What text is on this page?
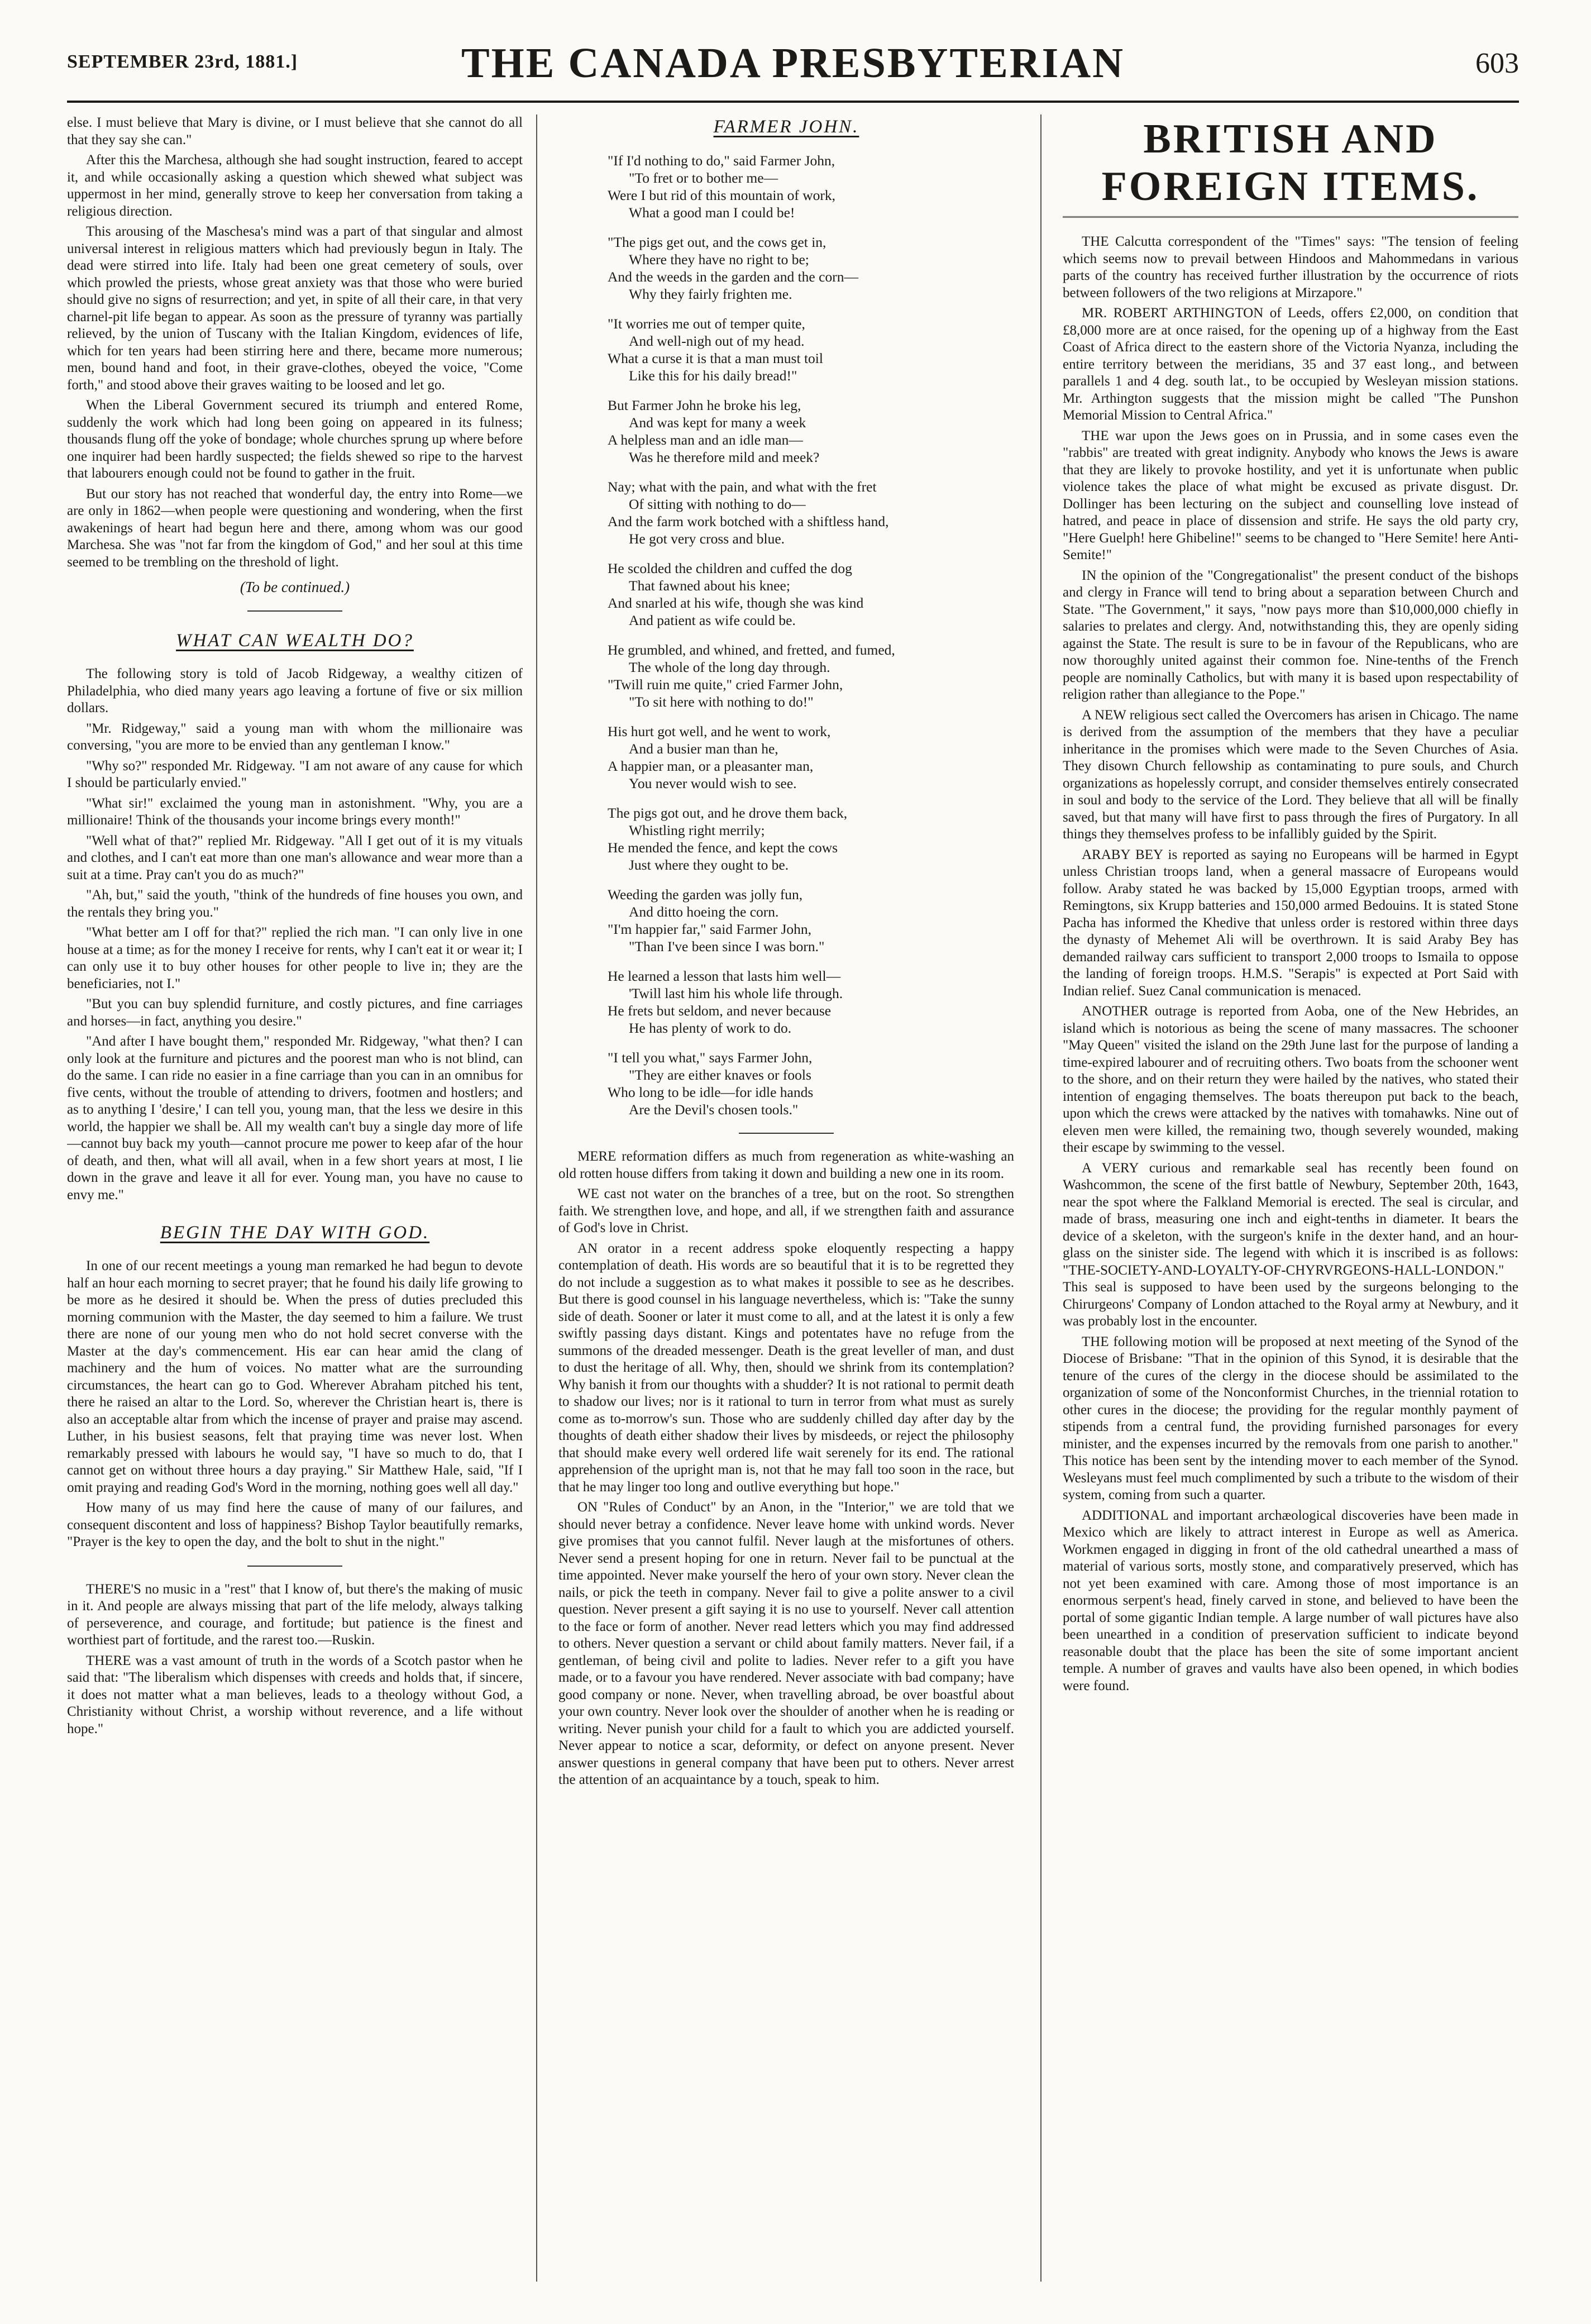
SEPTEMBER 23rd, 1881.]	THE CANADA PRESBYTERIAN	603

else. I must believe that Mary is divine, or I must believe that she cannot do all that they say she can."

After this the Marchesa, although she had sought instruction, feared to accept it, and while occasionally asking a question which shewed what subject was uppermost in her mind, generally strove to keep her conversation from taking a religious direction.

This arousing of the Maschesa's mind was a part of that singular and almost universal interest in religious matters which had previously begun in Italy. The dead were stirred into life. Italy had been one great cemetery of souls, over which prowled the priests, whose great anxiety was that those who were buried should give no signs of resurrection; and yet, in spite of all their care, in that very charnel-pit life began to appear. As soon as the pressure of tyranny was partially relieved, by the union of Tuscany with the Italian Kingdom, evidences of life, which for ten years had been stirring here and there, became more numerous; men, bound hand and foot, in their grave-clothes, obeyed the voice, "Come forth," and stood above their graves waiting to be loosed and let go.

When the Liberal Government secured its triumph and entered Rome, suddenly the work which had long been going on appeared in its fulness; thousands flung off the yoke of bondage; whole churches sprung up where before one inquirer had been hardly suspected; the fields shewed so ripe to the harvest that labourers enough could not be found to gather in the fruit.

But our story has not reached that wonderful day, the entry into Rome—we are only in 1862—when people were questioning and wondering, when the first awakenings of heart had begun here and there, among whom was our good Marchesa. She was "not far from the kingdom of God," and her soul at this time seemed to be trembling on the threshold of light.

(To be continued.)
WHAT CAN WEALTH DO?

The following story is told of Jacob Ridgeway, a wealthy citizen of Philadelphia, who died many years ago leaving a fortune of five or six million dollars.

"Mr. Ridgeway," said a young man with whom the millionaire was conversing, "you are more to be envied than any gentleman I know."

"Why so?" responded Mr. Ridgeway. "I am not aware of any cause for which I should be particularly envied."

"What sir!" exclaimed the young man in astonishment. "Why, you are a millionaire! Think of the thousands your income brings every month!"

"Well what of that?" replied Mr. Ridgeway. "All I get out of it is my vituals and clothes, and I can't eat more than one man's allowance and wear more than a suit at a time. Pray can't you do as much?"

"Ah, but," said the youth, "think of the hundreds of fine houses you own, and the rentals they bring you."

"What better am I off for that?" replied the rich man. "I can only live in one house at a time; as for the money I receive for rents, why I can't eat it or wear it; I can only use it to buy other houses for other people to live in; they are the beneficiaries, not I."

"But you can buy splendid furniture, and costly pictures, and fine carriages and horses—in fact, anything you desire."

"And after I have bought them," responded Mr. Ridgeway, "what then? I can only look at the furniture and pictures and the poorest man who is not blind, can do the same. I can ride no easier in a fine carriage than you can in an omnibus for five cents, without the trouble of attending to drivers, footmen and hostlers; and as to anything I 'desire,' I can tell you, young man, that the less we desire in this world, the happier we shall be. All my wealth can't buy a single day more of life—cannot buy back my youth—cannot procure me power to keep afar of the hour of death, and then, what will all avail, when in a few short years at most, I lie down in the grave and leave it all for ever. Young man, you have no cause to envy me."

BEGIN THE DAY WITH GOD.

In one of our recent meetings a young man remarked he had begun to devote half an hour each morning to secret prayer; that he found his daily life growing to be more as he desired it should be. When the press of duties precluded this morning communion with the Master, the day seemed to him a failure. We trust there are none of our young men who do not hold secret converse with the Master at the day's commencement. His ear can hear amid the clang of machinery and the hum of voices. No matter what are the surrounding circumstances, the heart can go to God. Wherever Abraham pitched his tent, there he raised an altar to the Lord. So, wherever the Christian heart is, there is also an acceptable altar from which the incense of prayer and praise may ascend. Luther, in his busiest seasons, felt that praying time was never lost. When remarkably pressed with labours he would say, "I have so much to do, that I cannot get on without three hours a day praying." Sir Matthew Hale, said, "If I omit praying and reading God's Word in the morning, nothing goes well all day."

How many of us may find here the cause of many of our failures, and consequent discontent and loss of happiness? Bishop Taylor beautifully remarks, "Prayer is the key to open the day, and the bolt to shut in the night."

THERE'S no music in a "rest" that I know of, but there's the making of music in it. And people are always missing that part of the life melody, always talking of perseverence, and courage, and fortitude; but patience is the finest and worthiest part of fortitude, and the rarest too.—Ruskin.

THERE was a vast amount of truth in the words of a Scotch pastor when he said that: "The liberalism which dispenses with creeds and holds that, if sincere, it does not matter what a man believes, leads to a theology without God, a Christianity without Christ, a worship without reverence, and a life without hope."

FARMER JOHN.
"If I'd nothing to do," said Farmer John,
"To fret or to bother me—
Were I but rid of this mountain of work,
What a good man I could be!
"The pigs get out, and the cows get in,
Where they have no right to be;
And the weeds in the garden and the corn—
Why they fairly frighten me.
"It worries me out of temper quite,
And well-nigh out of my head.
What a curse it is that a man must toil
Like this for his daily bread!"
But Farmer John he broke his leg,
And was kept for many a week
A helpless man and an idle man—
Was he therefore mild and meek?
Nay; what with the pain, and what with the fret
Of sitting with nothing to do—
And the farm work botched with a shiftless hand,
He got very cross and blue.
He scolded the children and cuffed the dog
That fawned about his knee;
And snarled at his wife, though she was kind
And patient as wife could be.
He grumbled, and whined, and fretted, and fumed,
The whole of the long day through.
"Twill ruin me quite," cried Farmer John,
"To sit here with nothing to do!"
His hurt got well, and he went to work,
And a busier man than he,
A happier man, or a pleasanter man,
You never would wish to see.
The pigs got out, and he drove them back,
Whistling right merrily;
He mended the fence, and kept the cows
Just where they ought to be.
Weeding the garden was jolly fun,
And ditto hoeing the corn.
"I'm happier far," said Farmer John,
"Than I've been since I was born."
He learned a lesson that lasts him well—
'Twill last him his whole life through.
He frets but seldom, and never because
He has plenty of work to do.
"I tell you what," says Farmer John,
"They are either knaves or fools
Who long to be idle—for idle hands
Are the Devil's chosen tools."

MERE reformation differs as much from regeneration as white-washing an old rotten house differs from taking it down and building a new one in its room.

WE cast not water on the branches of a tree, but on the root. So strengthen faith. We strengthen love, and hope, and all, if we strengthen faith and assurance of God's love in Christ.

AN orator in a recent address spoke eloquently respecting a happy contemplation of death. His words are so beautiful that it is to be regretted they do not include a suggestion as to what makes it possible to see as he describes. But there is good counsel in his language nevertheless, which is: "Take the sunny side of death. Sooner or later it must come to all, and at the latest it is only a few swiftly passing days distant. Kings and potentates have no refuge from the summons of the dreaded messenger. Death is the great leveller of man, and dust to dust the heritage of all. Why, then, should we shrink from its contemplation? Why banish it from our thoughts with a shudder? It is not rational to permit death to shadow our lives; nor is it rational to turn in terror from what must as surely come as to-morrow's sun. Those who are suddenly chilled day after day by the thoughts of death either shadow their lives by misdeeds, or reject the philosophy that should make every well ordered life wait serenely for its end. The rational apprehension of the upright man is, not that he may fall too soon in the race, but that he may linger too long and outlive everything but hope."

ON "Rules of Conduct" by an Anon, in the "Interior," we are told that we should never betray a confidence. Never leave home with unkind words. Never give promises that you cannot fulfil. Never laugh at the misfortunes of others. Never send a present hoping for one in return. Never fail to be punctual at the time appointed. Never make yourself the hero of your own story. Never clean the nails, or pick the teeth in company. Never fail to give a polite answer to a civil question. Never present a gift saying it is no use to yourself. Never call attention to the face or form of another. Never read letters which you may find addressed to others. Never question a servant or child about family matters. Never fail, if a gentleman, of being civil and polite to ladies. Never refer to a gift you have made, or to a favour you have rendered. Never associate with bad company; have good company or none. Never, when travelling abroad, be over boastful about your own country. Never look over the shoulder of another when he is reading or writing. Never punish your child for a fault to which you are addicted yourself. Never appear to notice a scar, deformity, or defect on anyone present. Never answer questions in general company that have been put to others. Never arrest the attention of an acquaintance by a touch, speak to him.

BRITISH AND FOREIGN ITEMS.

THE Calcutta correspondent of the "Times" says: "The tension of feeling which seems now to prevail between Hindoos and Mahommedans in various parts of the country has received further illustration by the occurrence of riots between followers of the two religions at Mirzapore."

MR. ROBERT ARTHINGTON of Leeds, offers £2,000, on condition that £8,000 more are at once raised, for the opening up of a highway from the East Coast of Africa direct to the eastern shore of the Victoria Nyanza, including the entire territory between the meridians, 35 and 37 east long., and between parallels 1 and 4 deg. south lat., to be occupied by Wesleyan mission stations. Mr. Arthington suggests that the mission might be called "The Punshon Memorial Mission to Central Africa."

THE war upon the Jews goes on in Prussia, and in some cases even the "rabbis" are treated with great indignity. Anybody who knows the Jews is aware that they are likely to provoke hostility, and yet it is unfortunate when public violence takes the place of what might be excused as private disgust. Dr. Dollinger has been lecturing on the subject and counselling love instead of hatred, and peace in place of dissension and strife. He says the old party cry, "Here Guelph! here Ghibeline!" seems to be changed to "Here Semite! here Anti-Semite!"

IN the opinion of the "Congregationalist" the present conduct of the bishops and clergy in France will tend to bring about a separation between Church and State. "The Government," it says, "now pays more than $10,000,000 chiefly in salaries to prelates and clergy. And, notwithstanding this, they are openly siding against the State. The result is sure to be in favour of the Republicans, who are now thoroughly united against their common foe. Nine-tenths of the French people are nominally Catholics, but with many it is based upon respectability of religion rather than allegiance to the Pope."

A NEW religious sect called the Overcomers has arisen in Chicago. The name is derived from the assumption of the members that they have a peculiar inheritance in the promises which were made to the Seven Churches of Asia. They disown Church fellowship as contaminating to pure souls, and Church organizations as hopelessly corrupt, and consider themselves entirely consecrated in soul and body to the service of the Lord. They believe that all will be finally saved, but that many will have first to pass through the fires of Purgatory. In all things they themselves profess to be infallibly guided by the Spirit.

ARABY BEY is reported as saying no Europeans will be harmed in Egypt unless Christian troops land, when a general massacre of Europeans would follow. Araby stated he was backed by 15,000 Egyptian troops, armed with Remingtons, six Krupp batteries and 150,000 armed Bedouins. It is stated Stone Pacha has informed the Khedive that unless order is restored within three days the dynasty of Mehemet Ali will be overthrown. It is said Araby Bey has demanded railway cars sufficient to transport 2,000 troops to Ismaila to oppose the landing of foreign troops. H.M.S. "Serapis" is expected at Port Said with Indian relief. Suez Canal communication is menaced.

ANOTHER outrage is reported from Aoba, one of the New Hebrides, an island which is notorious as being the scene of many massacres. The schooner "May Queen" visited the island on the 29th June last for the purpose of landing a time-expired labourer and of recruiting others. Two boats from the schooner went to the shore, and on their return they were hailed by the natives, who stated their intention of engaging themselves. The boats thereupon put back to the beach, upon which the crews were attacked by the natives with tomahawks. Nine out of eleven men were killed, the remaining two, though severely wounded, making their escape by swimming to the vessel.

A VERY curious and remarkable seal has recently been found on Washcommon, the scene of the first battle of Newbury, September 20th, 1643, near the spot where the Falkland Memorial is erected. The seal is circular, and made of brass, measuring one inch and eight-tenths in diameter. It bears the device of a skeleton, with the surgeon's knife in the dexter hand, and an hour-glass on the sinister side. The legend with which it is inscribed is as follows: "THE-SOCIETY-AND-LOYALTY-OF-CHYRVRGEONS-HALL-LONDON." This seal is supposed to have been used by the surgeons belonging to the Chirurgeons' Company of London attached to the Royal army at Newbury, and it was probably lost in the encounter.

THE following motion will be proposed at next meeting of the Synod of the Diocese of Brisbane: "That in the opinion of this Synod, it is desirable that the tenure of the cures of the clergy in the diocese should be assimilated to the organization of some of the Nonconformist Churches, in the triennial rotation to other cures in the diocese; the providing for the regular monthly payment of stipends from a central fund, the providing furnished parsonages for every minister, and the expenses incurred by the removals from one parish to another." This notice has been sent by the intending mover to each member of the Synod. Wesleyans must feel much complimented by such a tribute to the wisdom of their system, coming from such a quarter.

ADDITIONAL and important archæological discoveries have been made in Mexico which are likely to attract interest in Europe as well as America. Workmen engaged in digging in front of the old cathedral unearthed a mass of material of various sorts, mostly stone, and comparatively preserved, which has not yet been examined with care. Among those of most importance is an enormous serpent's head, finely carved in stone, and believed to have been the portal of some gigantic Indian temple. A large number of wall pictures have also been unearthed in a condition of preservation sufficient to indicate beyond reasonable doubt that the place has been the site of some important ancient temple. A number of graves and vaults have also been opened, in which bodies were found.
